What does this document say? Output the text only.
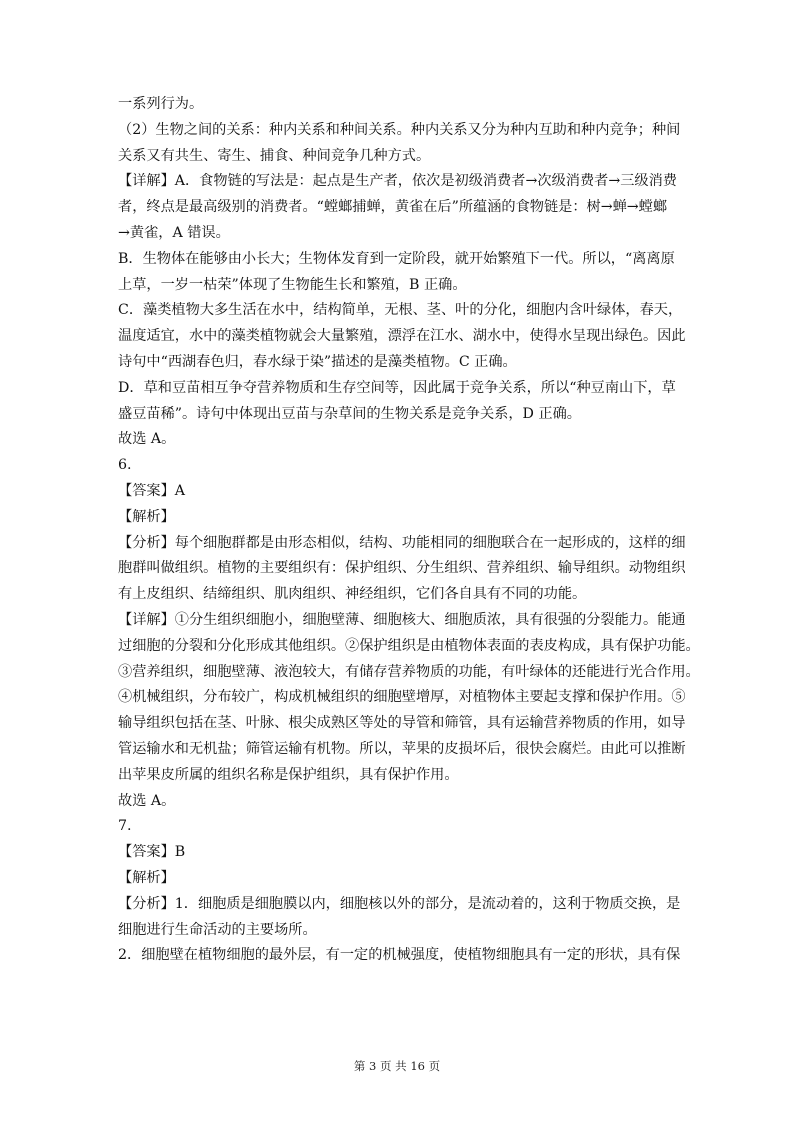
一系列行为。
（2）生物之间的关系：种内关系和种间关系。种内关系又分为种内互助和种内竞争；种间
关系又有共生、寄生、捕食、种间竞争几种方式。
【详解】A．食物链的写法是：起点是生产者，依次是初级消费者→次级消费者→三级消费
者，终点是最高级别的消费者。“螳螂捕蝉，黄雀在后”所蕴涵的食物链是：树→蝉→螳螂
→黄雀，A 错误。
B．生物体在能够由小长大；生物体发育到一定阶段，就开始繁殖下一代。所以，“离离原
上草，一岁一枯荣”体现了生物能生长和繁殖，B 正确。
C．藻类植物大多生活在水中，结构简单，无根、茎、叶的分化，细胞内含叶绿体，春天，
温度适宜，水中的藻类植物就会大量繁殖，漂浮在江水、湖水中，使得水呈现出绿色。因此
诗句中“西湖春色归，春水绿于染”描述的是藻类植物。C 正确。
D．草和豆苗相互争夺营养物质和生存空间等，因此属于竞争关系，所以“种豆南山下，草
盛豆苗稀”。诗句中体现出豆苗与杂草间的生物关系是竞争关系，D 正确。
故选 A。
6.
【答案】A
【解析】
【分析】每个细胞群都是由形态相似，结构、功能相同的细胞联合在一起形成的，这样的细
胞群叫做组织。植物的主要组织有：保护组织、分生组织、营养组织、输导组织。动物组织
有上皮组织、结缔组织、肌肉组织、神经组织，它们各自具有不同的功能。
【详解】①分生组织细胞小，细胞壁薄、细胞核大、细胞质浓，具有很强的分裂能力。能通
过细胞的分裂和分化形成其他组织。②保护组织是由植物体表面的表皮构成，具有保护功能。
③营养组织，细胞壁薄、液泡较大，有储存营养物质的功能，有叶绿体的还能进行光合作用。
④机械组织，分布较广，构成机械组织的细胞壁增厚，对植物体主要起支撑和保护作用。⑤
输导组织包括在茎、叶脉、根尖成熟区等处的导管和筛管，具有运输营养物质的作用，如导
管运输水和无机盐；筛管运输有机物。所以，苹果的皮损坏后，很快会腐烂。由此可以推断
出苹果皮所属的组织名称是保护组织，具有保护作用。
故选 A。
7.
【答案】B
【解析】
【分析】1．细胞质是细胞膜以内，细胞核以外的部分，是流动着的，这利于物质交换，是
细胞进行生命活动的主要场所。
2．细胞壁在植物细胞的最外层，有一定的机械强度，使植物细胞具有一定的形状，具有保
第 3 页 共 16 页
